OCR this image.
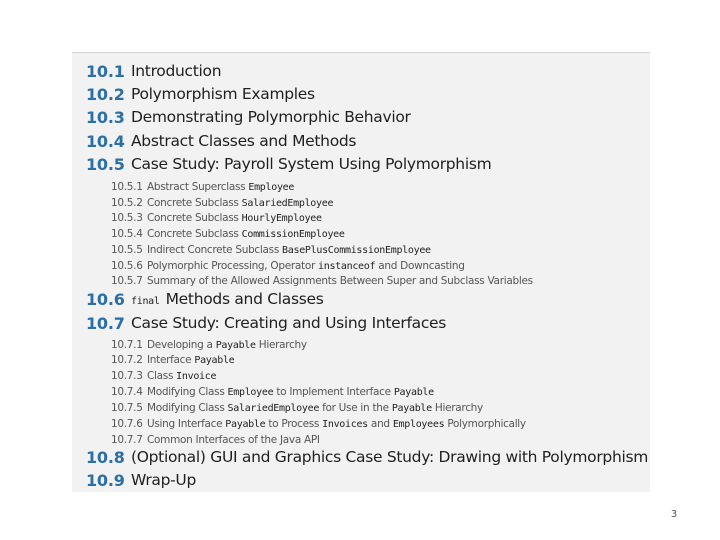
10.1 Introduction
10.2 Polymorphism Examples
10.3 Demonstrating Polymorphic Behavior
10.4 Abstract Classes and Methods
10.5 Case Study: Payroll System Using Polymorphism
10.5.1 Abstract Superclass Employee
10.5.2 Concrete Subclass SalariedEmployee
10.5.3 Concrete Subclass HourlyEmployee
10.5.4 Concrete Subclass CommissionEmployee
10.5.5 Indirect Concrete Subclass BasePlusCommissionEmployee
10.5.6 Polymorphic Processing, Operator instanceof and Downcasting
10.5.7 Summary of the Allowed Assignments Between Super and Subclass Variables
10.6 final Methods and Classes
10.7 Case Study: Creating and Using Interfaces
10.7.1 Developing a Payable Hierarchy
10.7.2 Interface Payable
10.7.3 Class Invoice
10.7.4 Modifying Class Employee to Implement Interface Payable
10.7.5 Modifying Class SalariedEmployee for Use in the Payable Hierarchy
10.7.6 Using Interface Payable to Process Invoices and Employees Polymorphically
10.7.7 Common Interfaces of the Java API
10.8 (Optional) GUI and Graphics Case Study: Drawing with Polymorphism
10.9 Wrap-Up
3
